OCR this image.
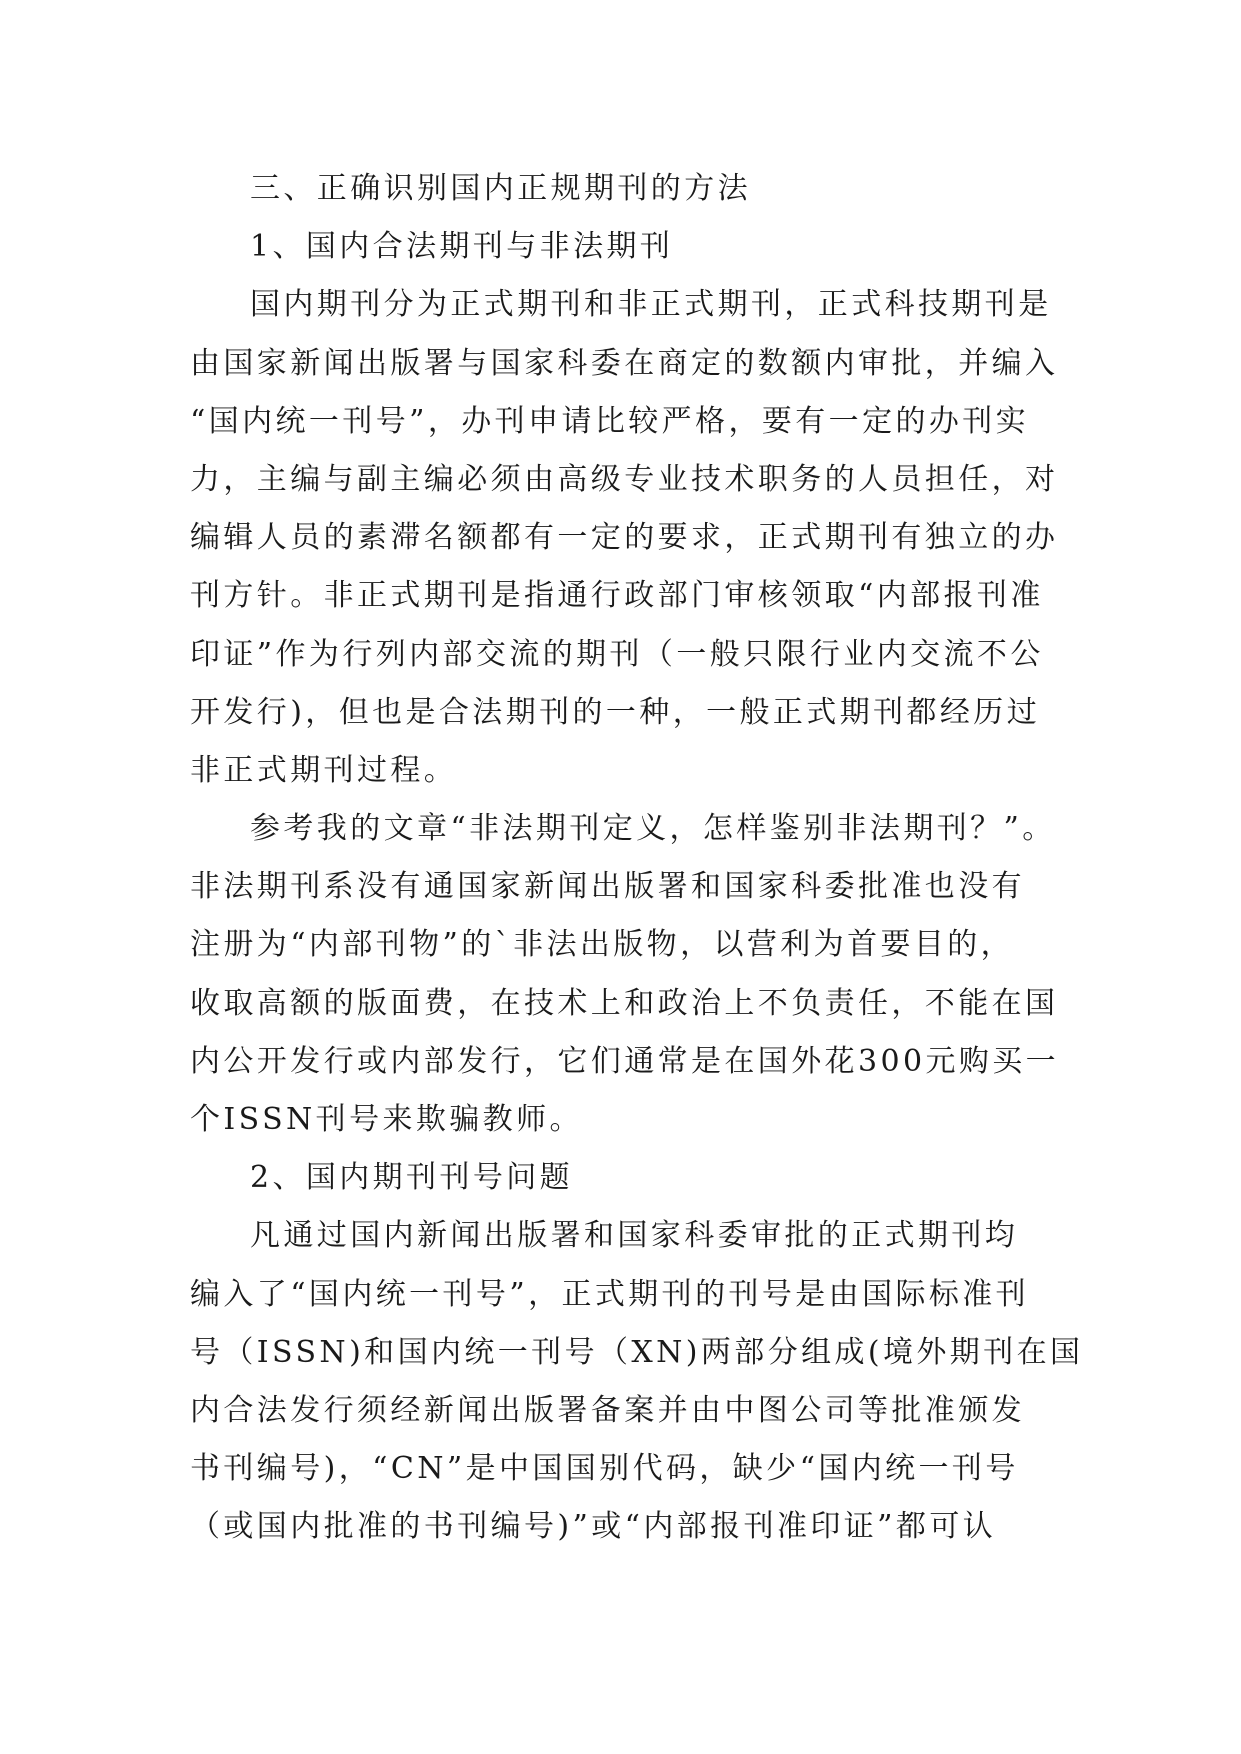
三、正确识别国内正规期刊的方法
1、国内合法期刊与非法期刊
国内期刊分为正式期刊和非正式期刊，正式科技期刊是
由国家新闻出版署与国家科委在商定的数额内审批，并编入
“国内统一刊号”，办刊申请比较严格，要有一定的办刊实
力，主编与副主编必须由高级专业技术职务的人员担任，对
编辑人员的素滞名额都有一定的要求，正式期刊有独立的办
刊方针。非正式期刊是指通行政部门审核领取“内部报刊准
印证”作为行列内部交流的期刊（一般只限行业内交流不公
开发行)，但也是合法期刊的一种，一般正式期刊都经历过
非正式期刊过程。
参考我的文章“非法期刊定义，怎样鉴别非法期刊？”。
非法期刊系没有通国家新闻出版署和国家科委批准也没有
注册为“内部刊物”的`非法出版物，以营利为首要目的，
收取高额的版面费，在技术上和政治上不负责任，不能在国
内公开发行或内部发行，它们通常是在国外花300元购买一
个ISSN刊号来欺骗教师。
2、国内期刊刊号问题
凡通过国内新闻出版署和国家科委审批的正式期刊均
编入了“国内统一刊号”，正式期刊的刊号是由国际标准刊
号（ISSN)和国内统一刊号（XN)两部分组成(境外期刊在国
内合法发行须经新闻出版署备案并由中图公司等批准颁发
书刊编号)，“CN”是中国国别代码，缺少“国内统一刊号
（或国内批准的书刊编号)”或“内部报刊准印证”都可认
